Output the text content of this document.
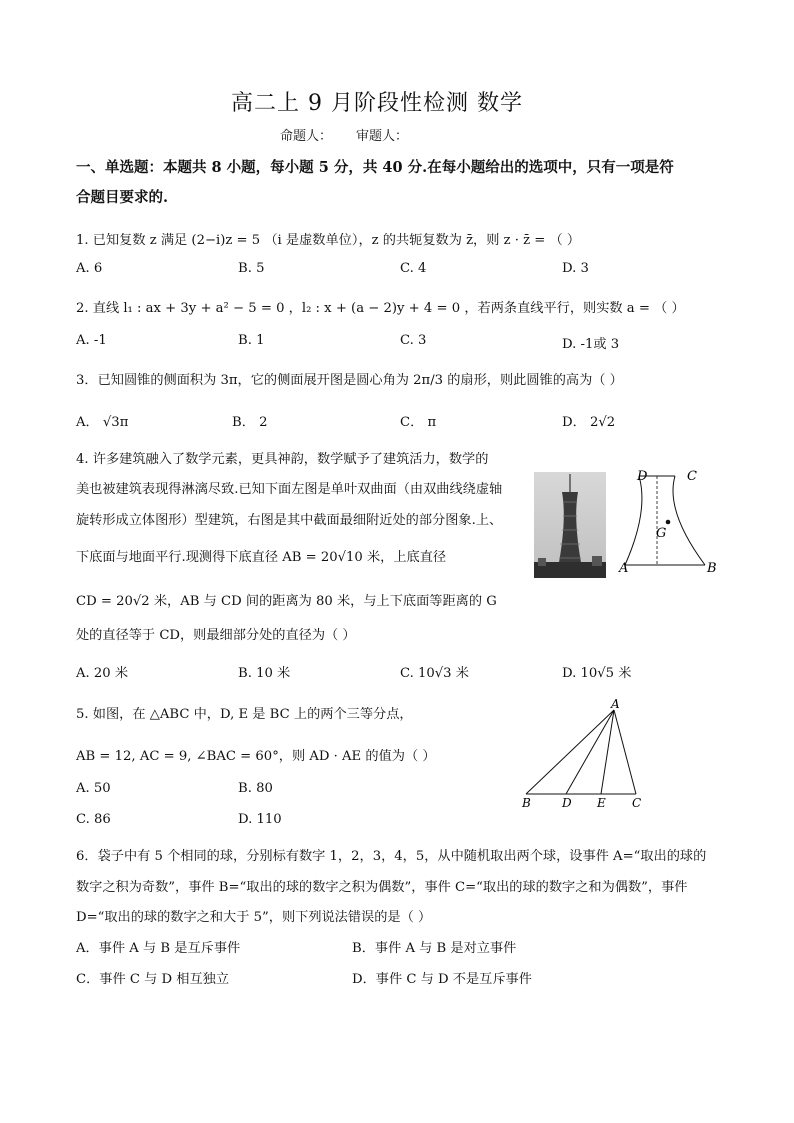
高二上 9 月阶段性检测 数学
命题人： 审题人：
一、单选题：本题共 8 小题，每小题 5 分，共 40 分.在每小题给出的选项中，只有一项是符
合题目要求的.
1. 已知复数 z 满足 (2−i)z = 5 （i 是虚数单位），z 的共轭复数为 z̄，则 z · z̄ = （ ）
A. 6	B. 5	C. 4	D. 3
2. 直线 l₁ : ax + 3y + a² − 5 = 0 ，l₂ : x + (a − 2)y + 4 = 0 ，若两条直线平行，则实数 a = （ ）
A. -1	B. 1	C. 3	D. -1或 3
3．已知圆锥的侧面积为 3π，它的侧面展开图是圆心角为 2π/3 的扇形，则此圆锥的高为（ ）
A． √3π	B． 2	C． π	D． 2√2
4. 许多建筑融入了数学元素，更具神韵，数学赋予了建筑活力，数学的
美也被建筑表现得淋漓尽致.已知下面左图是单叶双曲面（由双曲线绕虚轴
旋转形成立体图形）型建筑，右图是其中截面最细附近处的部分图象.上、
下底面与地面平行.现测得下底直径 AB = 20√10 米，上底直径
CD = 20√2 米，AB 与 CD 间的距离为 80 米，与上下底面等距离的 G
处的直径等于 CD，则最细部分处的直径为（ ）
A. 20 米	B. 10 米	C. 10√3 米	D. 10√5 米
D	C
G
A	B
5. 如图，在 △ABC 中，D, E 是 BC 上的两个三等分点，
AB = 12, AC = 9, ∠BAC = 60°，则 AD · AE 的值为（ ）
A. 50	B. 80
C. 86	D. 110
A
B	D E C
6．袋子中有 5 个相同的球，分别标有数字 1，2，3，4，5，从中随机取出两个球，设事件 A=“取出的球的
数字之积为奇数”，事件 B=“取出的球的数字之积为偶数”，事件 C=“取出的球的数字之和为偶数”，事件
D=“取出的球的数字之和大于 5”，则下列说法错误的是（ ）
A．事件 A 与 B 是互斥事件	B．事件 A 与 B 是对立事件
C．事件 C 与 D 相互独立	D．事件 C 与 D 不是互斥事件
